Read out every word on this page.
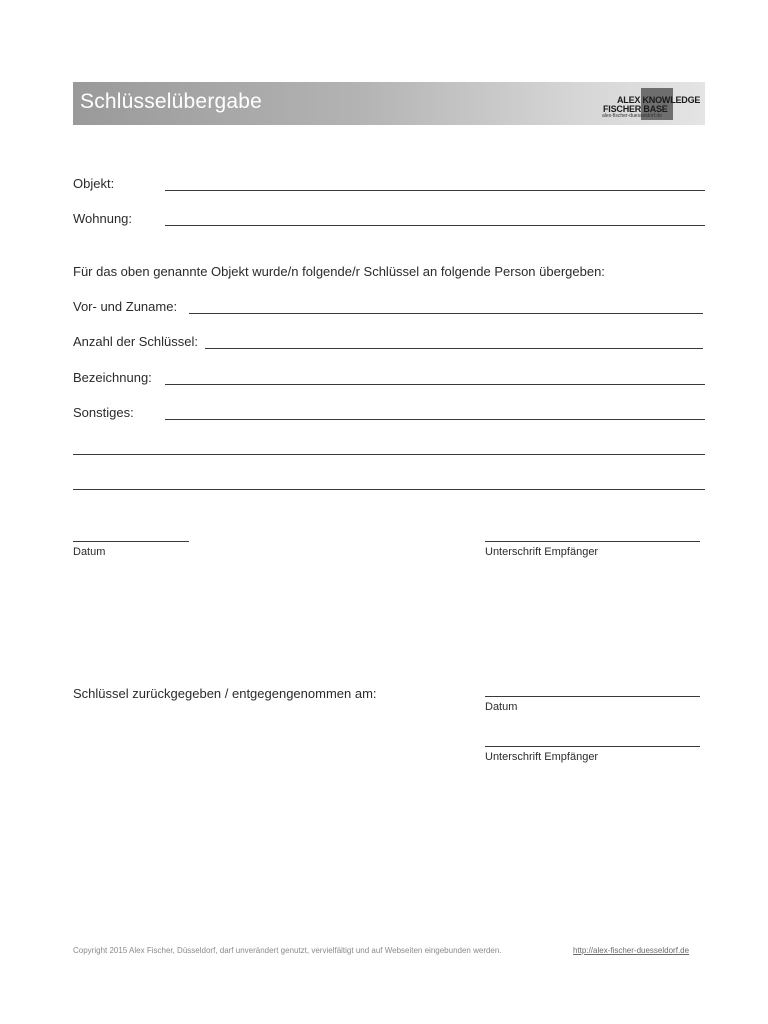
Schlüsselübergabe	ALEX KNOWLEDGE
FISCHER BASE
alex-fischer-duesseldorf.de
Objekt:
Wohnung:
Für das oben genannte Objekt wurde/n folgende/r Schlüssel an folgende Person übergeben:
Vor- und Zuname:
Anzahl der Schlüssel:
Bezeichnung:
Sonstiges:
Datum	Unterschrift Empfänger
Schlüssel zurückgegeben / entgegengenommen am:
Datum
Unterschrift Empfänger
Copyright 2015 Alex Fischer, Düsseldorf, darf unverändert genutzt, vervielfältigt und auf Webseiten eingebunden werden.	http://alex-fischer-duesseldorf.de
